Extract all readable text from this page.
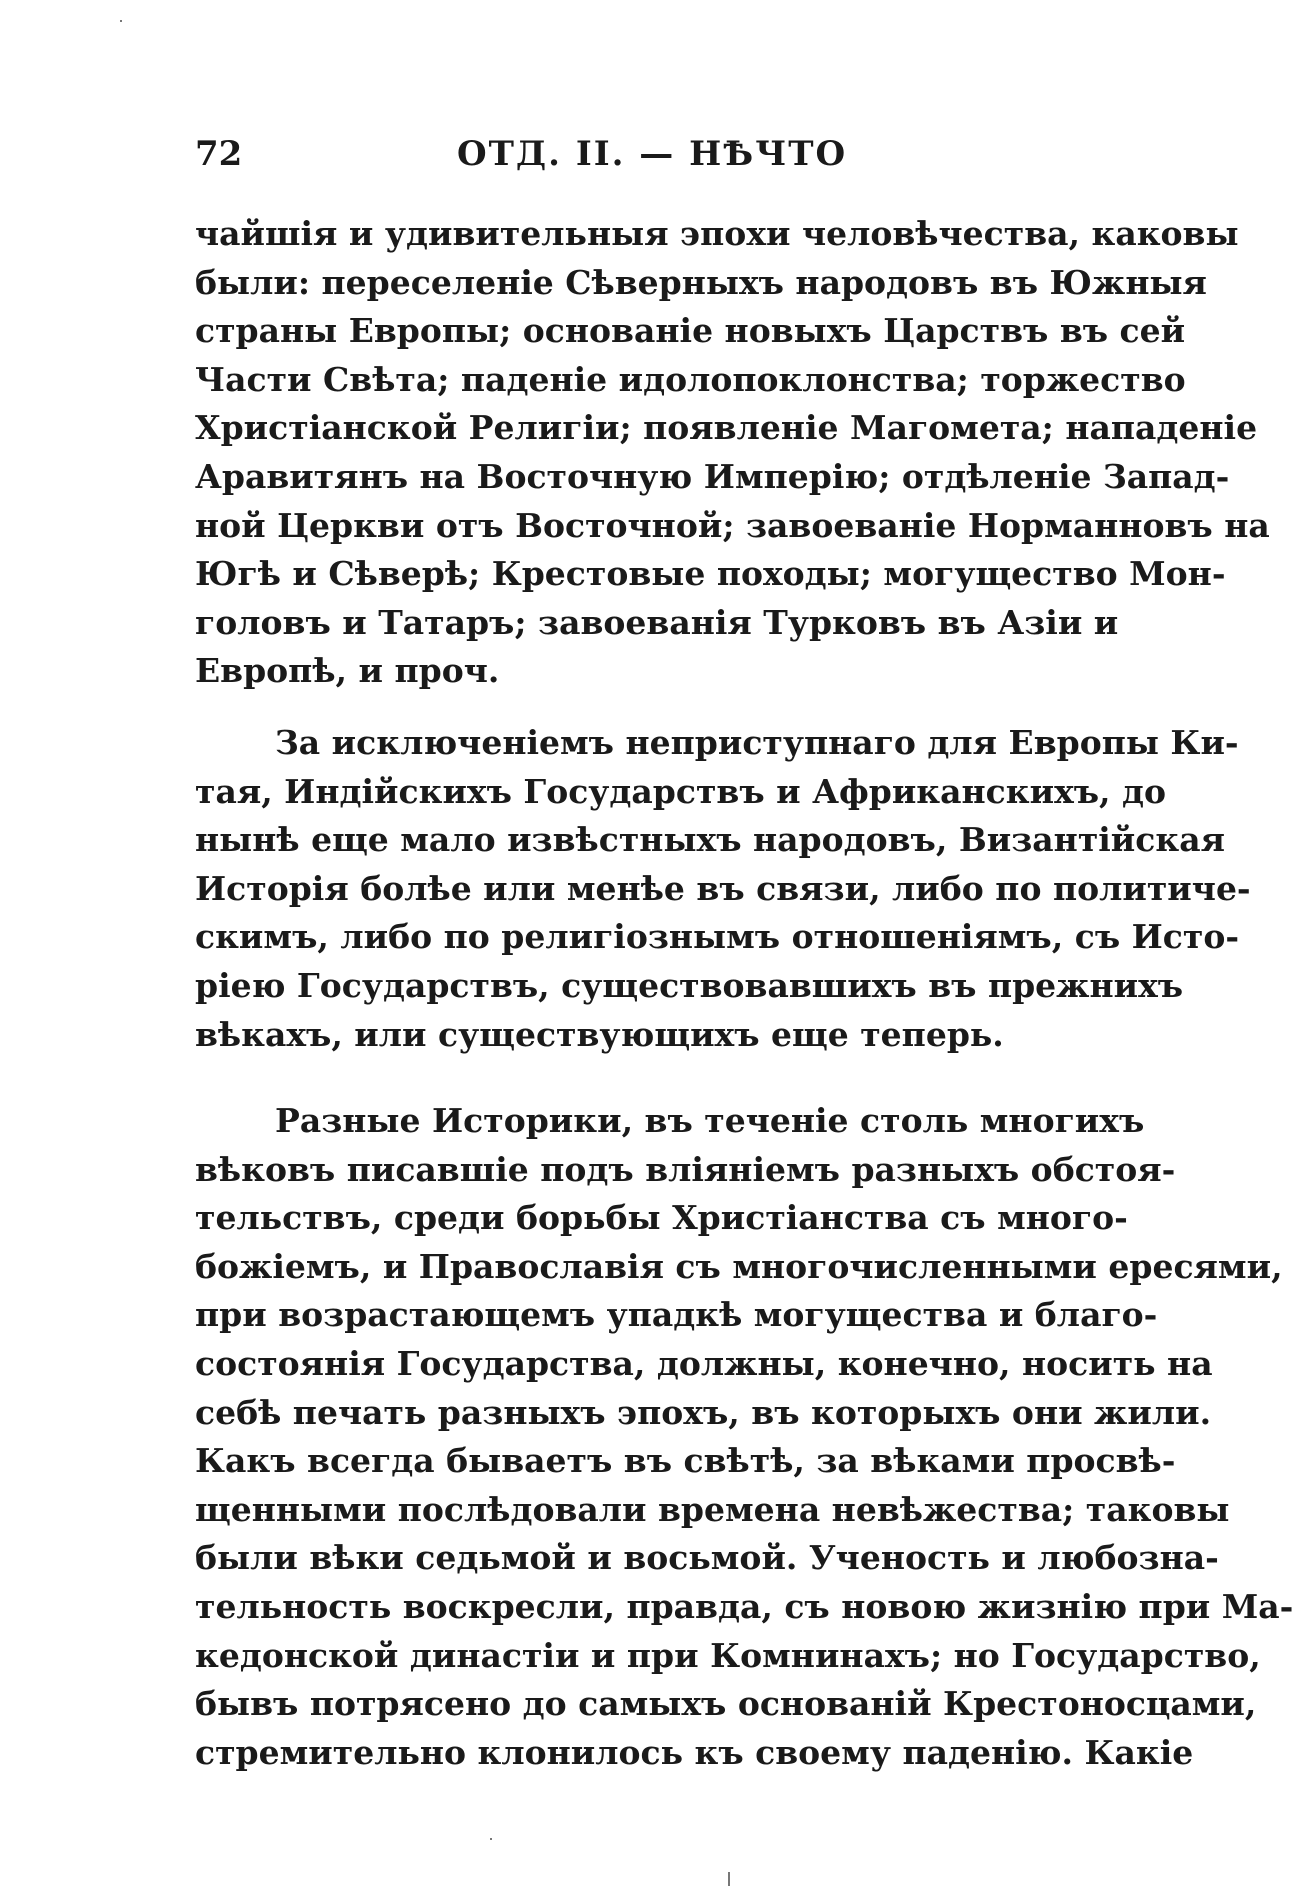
72	ОТД. II. — НѢЧТО
чайшія и удивительныя эпохи человѣчества, каковы
были: переселеніе Сѣверныхъ народовъ въ Южныя
страны Европы; основаніе новыхъ Царствъ въ сей
Части Свѣта; паденіе идолопоклонства; торжество
Христіанской Религіи; появленіе Магомета; нападеніе
Аравитянъ на Восточную Имперію; отдѣленіе Запад-
ной Церкви отъ Восточной; завоеваніе Норманновъ на
Югѣ и Сѣверѣ; Крестовые походы; могущество Мон-
головъ и Татаръ; завоеванія Турковъ въ Азіи и
Европѣ, и проч.
За исключеніемъ неприступнаго для Европы Ки-
тая, Индійскихъ Государствъ и Африканскихъ, до
нынѣ еще мало извѣстныхъ народовъ, Византійская
Исторія болѣе или менѣе въ связи, либо по политиче-
скимъ, либо по религіознымъ отношеніямъ, съ Исто-
ріею Государствъ, существовавшихъ въ прежнихъ
вѣкахъ, или существующихъ еще теперь.
Разные Историки, въ теченіе столь многихъ
вѣковъ писавшіе подъ вліяніемъ разныхъ обстоя-
тельствъ, среди борьбы Христіанства съ много-
божіемъ, и Православія съ многочисленными ересями,
при возрастающемъ упадкѣ могущества и благо-
состоянія Государства, должны, конечно, носить на
себѣ печать разныхъ эпохъ, въ которыхъ они жили.
Какъ всегда бываетъ въ свѣтѣ, за вѣками просвѣ-
щенными послѣдовали времена невѣжества; таковы
были вѣки седьмой и восьмой. Ученость и любозна-
тельность воскресли, правда, съ новою жизнію при Ма-
кедонской династіи и при Комнинахъ; но Государство,
бывъ потрясено до самыхъ основаній Крестоносцами,
стремительно клонилось къ своему паденію. Какіе
